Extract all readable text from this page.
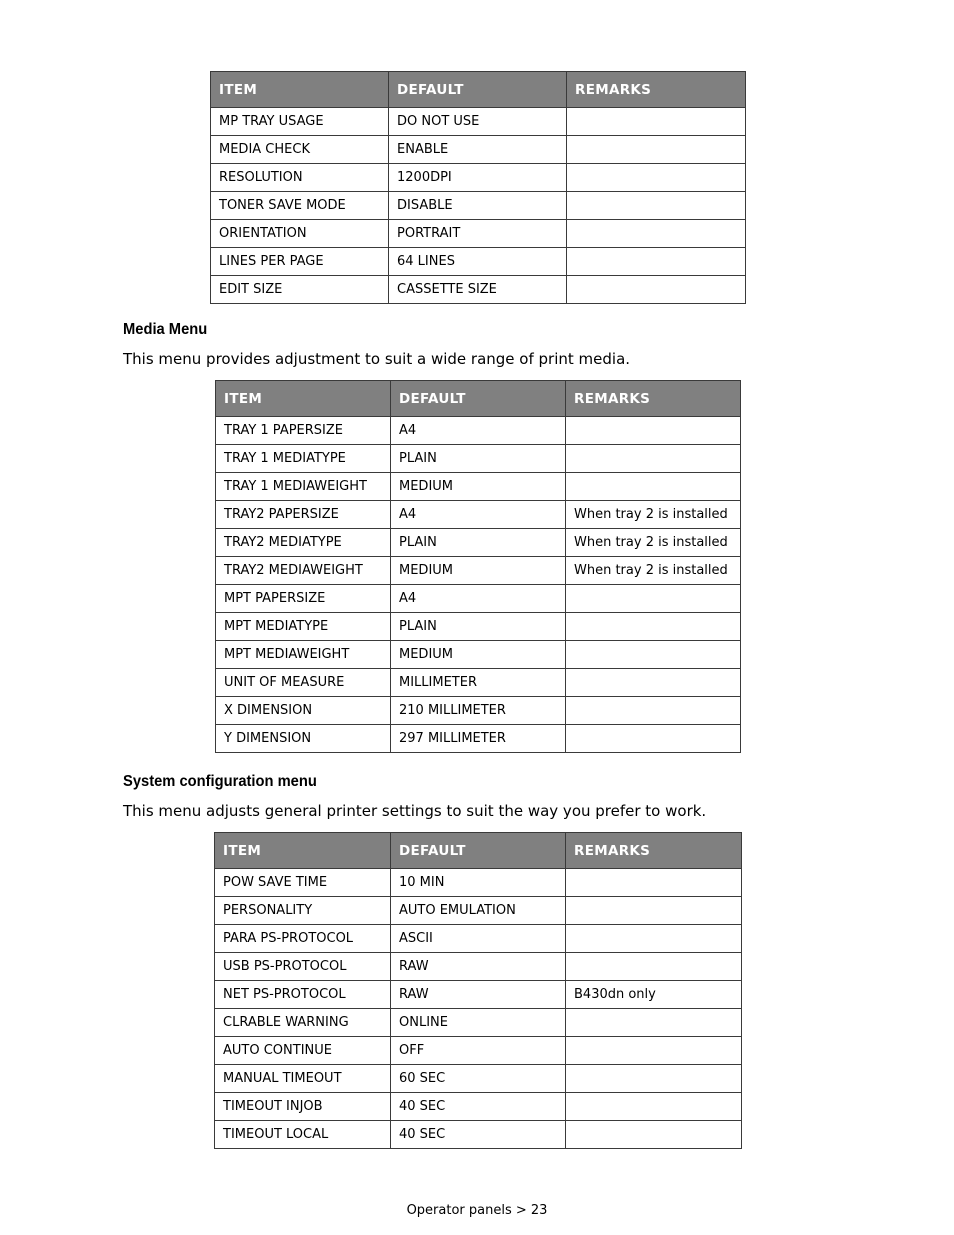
ITEM	DEFAULT	REMARKS
MP TRAY USAGE	DO NOT USE	
MEDIA CHECK	ENABLE	
RESOLUTION	1200DPI	
TONER SAVE MODE	DISABLE	
ORIENTATION	PORTRAIT	
LINES PER PAGE	64 LINES	
EDIT SIZE	CASSETTE SIZE	
Media Menu

This menu provides adjustment to suit a wide range of print media.

ITEM	DEFAULT	REMARKS
TRAY 1 PAPERSIZE	A4	
TRAY 1 MEDIATYPE	PLAIN	
TRAY 1 MEDIAWEIGHT	MEDIUM	
TRAY2 PAPERSIZE	A4	When tray 2 is installed
TRAY2 MEDIATYPE	PLAIN	When tray 2 is installed
TRAY2 MEDIAWEIGHT	MEDIUM	When tray 2 is installed
MPT PAPERSIZE	A4	
MPT MEDIATYPE	PLAIN	
MPT MEDIAWEIGHT	MEDIUM	
UNIT OF MEASURE	MILLIMETER	
X DIMENSION	210 MILLIMETER	
Y DIMENSION	297 MILLIMETER	
System configuration menu

This menu adjusts general printer settings to suit the way you prefer to work.

ITEM	DEFAULT	REMARKS
POW SAVE TIME	10 MIN	
PERSONALITY	AUTO EMULATION	
PARA PS-PROTOCOL	ASCII	
USB PS-PROTOCOL	RAW	
NET PS-PROTOCOL	RAW	B430dn only
CLRABLE WARNING	ONLINE	
AUTO CONTINUE	OFF	
MANUAL TIMEOUT	60 SEC	
TIMEOUT INJOB	40 SEC	
TIMEOUT LOCAL	40 SEC	
Operator panels > 23
